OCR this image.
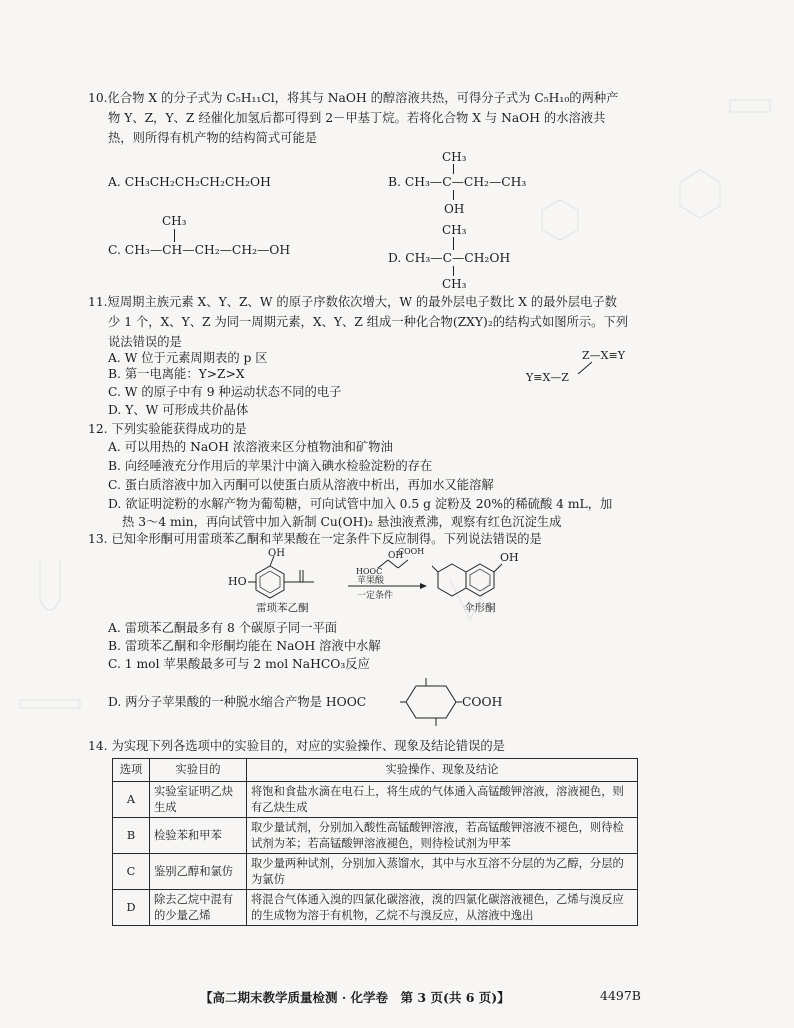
10.化合物 X 的分子式为 C₅H₁₁Cl，将其与 NaOH 的醇溶液共热，可得分子式为 C₅H₁₀的两种产
物 Y、Z，Y、Z 经催化加氢后都可得到 2－甲基丁烷。若将化合物 X 与 NaOH 的水溶液共
热，则所得有机产物的结构简式可能是
A. CH₃CH₂CH₂CH₂CH₂OH
CH₃
B. CH₃—C—CH₂—CH₃
OH
CH₃
C. CH₃—CH—CH₂—CH₂—OH
CH₃
D. CH₃—C—CH₂OH
CH₃
11.短周期主族元素 X、Y、Z、W 的原子序数依次增大，W 的最外层电子数比 X 的最外层电子数
少 1 个，X、Y、Z 为同一周期元素，X、Y、Z 组成一种化合物(ZXY)₂的结构式如图所示。下列
说法错误的是
A. W 位于元素周期表的 p 区
B. 第一电离能：Y>Z>X
C. W 的原子中有 9 种运动状态不同的电子
D. Y、W 可形成共价晶体
Z—X≡Y
Y≡X—Z
12. 下列实验能获得成功的是
A. 可以用热的 NaOH 浓溶液来区分植物油和矿物油
B. 向经唾液充分作用后的苹果汁中滴入碘水检验淀粉的存在
C. 蛋白质溶液中加入丙酮可以使蛋白质从溶液中析出，再加水又能溶解
D. 欲证明淀粉的水解产物为葡萄糖，可向试管中加入 0.5 g 淀粉及 20%的稀硫酸 4 mL，加
热 3～4 min，再向试管中加入新制 Cu(OH)₂ 悬浊液煮沸，观察有红色沉淀生成
13. 已知伞形酮可用雷琐苯乙酮和苹果酸在一定条件下反应制得。下列说法错误的是
OH
HO
OH
COOH
HOOC
苹果酸
一定条件
OH
雷琐苯乙酮	伞形酮
A. 雷琐苯乙酮最多有 8 个碳原子同一平面
B. 雷琐苯乙酮和伞形酮均能在 NaOH 溶液中水解
C. 1 mol 苹果酸最多可与 2 mol NaHCO₃反应
D. 两分子苹果酸的一种脱水缩合产物是 HOOC	COOH
14. 为实现下列各选项中的实验目的，对应的实验操作、现象及结论错误的是
选项	实验目的	实验操作、现象及结论
A	实验室证明乙炔生成	将饱和食盐水滴在电石上，将生成的气体通入高锰酸钾溶液，溶液褪色，则有乙炔生成
B	检验苯和甲苯	取少量试剂，分别加入酸性高锰酸钾溶液，若高锰酸钾溶液不褪色，则待检试剂为苯；若高锰酸钾溶液褪色，则待检试剂为甲苯
C	鉴别乙醇和氯仿	取少量两种试剂，分别加入蒸馏水，其中与水互溶不分层的为乙醇，分层的为氯仿
D	除去乙烷中混有的少量乙烯	将混合气体通入溴的四氯化碳溶液，溴的四氯化碳溶液褪色，乙烯与溴反应的生成物为溶于有机物，乙烷不与溴反应，从溶液中逸出
【高二期末教学质量检测 · 化学卷　第 3 页(共 6 页)】	4497B
